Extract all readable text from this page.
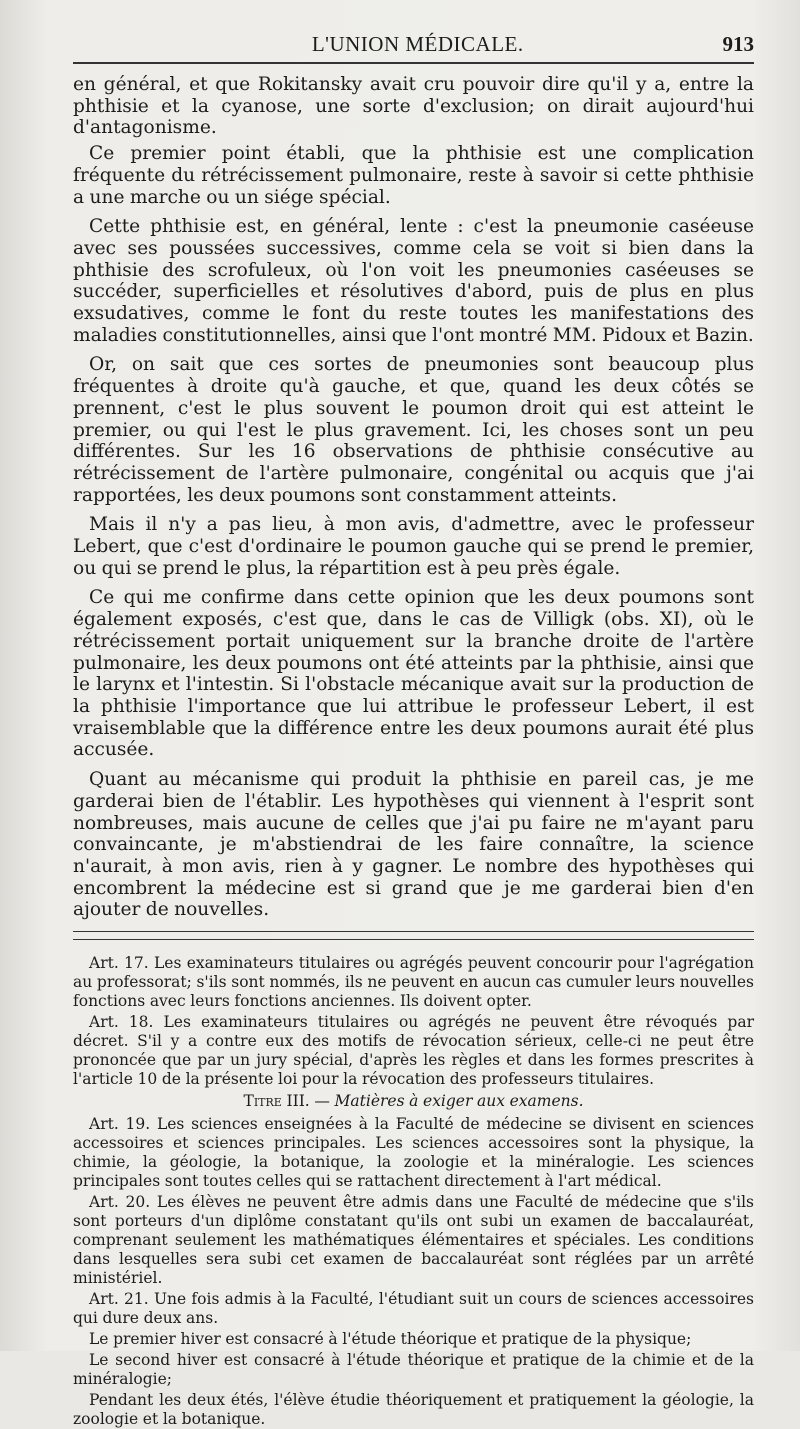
L'UNION MÉDICALE.	913

en général, et que Rokitansky avait cru pouvoir dire qu'il y a, entre la phthisie et la cyanose, une sorte d'exclusion; on dirait aujourd'hui d'antagonisme.

Ce premier point établi, que la phthisie est une complication fréquente du rétrécissement pulmonaire, reste à savoir si cette phthisie a une marche ou un siége spécial.

Cette phthisie est, en général, lente : c'est la pneumonie caséeuse avec ses poussées successives, comme cela se voit si bien dans la phthisie des scrofuleux, où l'on voit les pneumonies caséeuses se succéder, superficielles et résolutives d'abord, puis de plus en plus exsudatives, comme le font du reste toutes les manifestations des maladies constitutionnelles, ainsi que l'ont montré MM. Pidoux et Bazin.

Or, on sait que ces sortes de pneumonies sont beaucoup plus fréquentes à droite qu'à gauche, et que, quand les deux côtés se prennent, c'est le plus souvent le poumon droit qui est atteint le premier, ou qui l'est le plus gravement. Ici, les choses sont un peu différentes. Sur les 16 observations de phthisie consécutive au rétrécissement de l'artère pulmonaire, congénital ou acquis que j'ai rapportées, les deux poumons sont constamment atteints.

Mais il n'y a pas lieu, à mon avis, d'admettre, avec le professeur Lebert, que c'est d'ordinaire le poumon gauche qui se prend le premier, ou qui se prend le plus, la répartition est à peu près égale.

Ce qui me confirme dans cette opinion que les deux poumons sont également exposés, c'est que, dans le cas de Villigk (obs. XI), où le rétrécissement portait uniquement sur la branche droite de l'artère pulmonaire, les deux poumons ont été atteints par la phthisie, ainsi que le larynx et l'intestin. Si l'obstacle mécanique avait sur la production de la phthisie l'importance que lui attribue le professeur Lebert, il est vraisemblable que la différence entre les deux poumons aurait été plus accusée.

Quant au mécanisme qui produit la phthisie en pareil cas, je me garderai bien de l'établir. Les hypothèses qui viennent à l'esprit sont nombreuses, mais aucune de celles que j'ai pu faire ne m'ayant paru convaincante, je m'abstiendrai de les faire connaître, la science n'aurait, à mon avis, rien à y gagner. Le nombre des hypothèses qui encombrent la médecine est si grand que je me garderai bien d'en ajouter de nouvelles.

Art. 17. Les examinateurs titulaires ou agrégés peuvent concourir pour l'agrégation au professorat; s'ils sont nommés, ils ne peuvent en aucun cas cumuler leurs nouvelles fonctions avec leurs fonctions anciennes. Ils doivent opter.

Art. 18. Les examinateurs titulaires ou agrégés ne peuvent être révoqués par décret. S'il y a contre eux des motifs de révocation sérieux, celle-ci ne peut être prononcée que par un jury spécial, d'après les règles et dans les formes prescrites à l'article 10 de la présente loi pour la révocation des professeurs titulaires.

Titre III. — Matières à exiger aux examens.

Art. 19. Les sciences enseignées à la Faculté de médecine se divisent en sciences accessoires et sciences principales. Les sciences accessoires sont la physique, la chimie, la géologie, la botanique, la zoologie et la minéralogie. Les sciences principales sont toutes celles qui se rattachent directement à l'art médical.

Art. 20. Les élèves ne peuvent être admis dans une Faculté de médecine que s'ils sont porteurs d'un diplôme constatant qu'ils ont subi un examen de baccalauréat, comprenant seulement les mathématiques élémentaires et spéciales. Les conditions dans lesquelles sera subi cet examen de baccalauréat sont réglées par un arrêté ministériel.

Art. 21. Une fois admis à la Faculté, l'étudiant suit un cours de sciences accessoires qui dure deux ans.

Le premier hiver est consacré à l'étude théorique et pratique de la physique;

Le second hiver est consacré à l'étude théorique et pratique de la chimie et de la minéralogie;

Pendant les deux étés, l'élève étudie théoriquement et pratiquement la géologie, la zoologie et la botanique.
